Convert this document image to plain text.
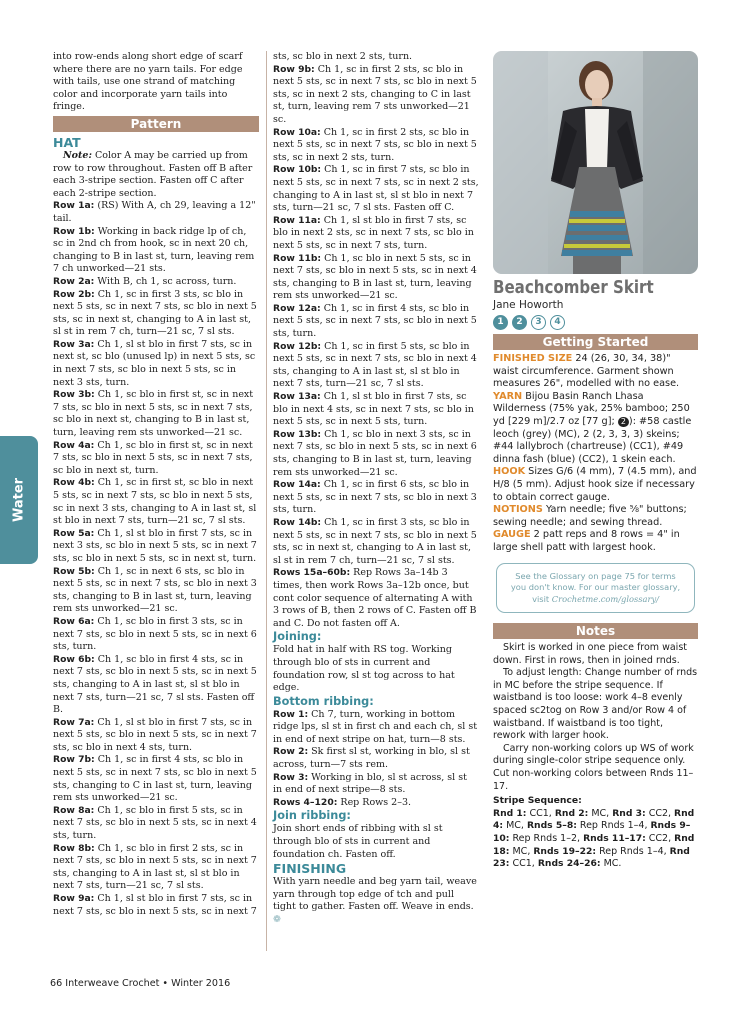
Water

into row-ends along short edge of scarf where there are no yarn tails. For edge with tails, use one strand of matching color and incorporate yarn tails into fringe.

Pattern
HAT

Note: Color A may be carried up from row to row throughout. Fasten off B after each 3-stripe section. Fasten off C after each 2-stripe section.

Row 1a: (RS) With A, ch 29, leaving a 12" tail.

Row 1b: Working in back ridge lp of ch, sc in 2nd ch from hook, sc in next 20 ch, changing to B in last st, turn, leaving rem 7 ch unworked—21 sts.

Row 2a: With B, ch 1, sc across, turn.

Row 2b: Ch 1, sc in first 3 sts, sc blo in next 5 sts, sc in next 7 sts, sc blo in next 5 sts, sc in next st, changing to A in last st, sl st in rem 7 ch, turn—21 sc, 7 sl sts.

Row 3a: Ch 1, sl st blo in first 7 sts, sc in next st, sc blo (unused lp) in next 5 sts, sc in next 7 sts, sc blo in next 5 sts, sc in next 3 sts, turn.

Row 3b: Ch 1, sc blo in first st, sc in next 7 sts, sc blo in next 5 sts, sc in next 7 sts, sc blo in next st, changing to B in last st, turn, leaving rem sts unworked—21 sc.

Row 4a: Ch 1, sc blo in first st, sc in next 7 sts, sc blo in next 5 sts, sc in next 7 sts, sc blo in next st, turn.

Row 4b: Ch 1, sc in first st, sc blo in next 5 sts, sc in next 7 sts, sc blo in next 5 sts, sc in next 3 sts, changing to A in last st, sl st blo in next 7 sts, turn—21 sc, 7 sl sts.

Row 5a: Ch 1, sl st blo in first 7 sts, sc in next 3 sts, sc blo in next 5 sts, sc in next 7 sts, sc blo in next 5 sts, sc in next st, turn.

Row 5b: Ch 1, sc in next 6 sts, sc blo in next 5 sts, sc in next 7 sts, sc blo in next 3 sts, changing to B in last st, turn, leaving rem sts unworked—21 sc.

Row 6a: Ch 1, sc blo in first 3 sts, sc in next 7 sts, sc blo in next 5 sts, sc in next 6 sts, turn.

Row 6b: Ch 1, sc blo in first 4 sts, sc in next 7 sts, sc blo in next 5 sts, sc in next 5 sts, changing to A in last st, sl st blo in next 7 sts, turn—21 sc, 7 sl sts. Fasten off B.

Row 7a: Ch 1, sl st blo in first 7 sts, sc in next 5 sts, sc blo in next 5 sts, sc in next 7 sts, sc blo in next 4 sts, turn.

Row 7b: Ch 1, sc in first 4 sts, sc blo in next 5 sts, sc in next 7 sts, sc blo in next 5 sts, changing to C in last st, turn, leaving rem sts unworked—21 sc.

Row 8a: Ch 1, sc blo in first 5 sts, sc in next 7 sts, sc blo in next 5 sts, sc in next 4 sts, turn.

Row 8b: Ch 1, sc blo in first 2 sts, sc in next 7 sts, sc blo in next 5 sts, sc in next 7 sts, changing to A in last st, sl st blo in next 7 sts, turn—21 sc, 7 sl sts.

Row 9a: Ch 1, sl st blo in first 7 sts, sc in next 7 sts, sc blo in next 5 sts, sc in next 7

sts, sc blo in next 2 sts, turn.

Row 9b: Ch 1, sc in first 2 sts, sc blo in next 5 sts, sc in next 7 sts, sc blo in next 5 sts, sc in next 2 sts, changing to C in last st, turn, leaving rem 7 sts unworked—21 sc.

Row 10a: Ch 1, sc in first 2 sts, sc blo in next 5 sts, sc in next 7 sts, sc blo in next 5 sts, sc in next 2 sts, turn.

Row 10b: Ch 1, sc in first 7 sts, sc blo in next 5 sts, sc in next 7 sts, sc in next 2 sts, changing to A in last st, sl st blo in next 7 sts, turn—21 sc, 7 sl sts. Fasten off C.

Row 11a: Ch 1, sl st blo in first 7 sts, sc blo in next 2 sts, sc in next 7 sts, sc blo in next 5 sts, sc in next 7 sts, turn.

Row 11b: Ch 1, sc blo in next 5 sts, sc in next 7 sts, sc blo in next 5 sts, sc in next 4 sts, changing to B in last st, turn, leaving rem sts unworked—21 sc.

Row 12a: Ch 1, sc in first 4 sts, sc blo in next 5 sts, sc in next 7 sts, sc blo in next 5 sts, turn.

Row 12b: Ch 1, sc in first 5 sts, sc blo in next 5 sts, sc in next 7 sts, sc blo in next 4 sts, changing to A in last st, sl st blo in next 7 sts, turn—21 sc, 7 sl sts.

Row 13a: Ch 1, sl st blo in first 7 sts, sc blo in next 4 sts, sc in next 7 sts, sc blo in next 5 sts, sc in next 5 sts, turn.

Row 13b: Ch 1, sc blo in next 3 sts, sc in next 7 sts, sc blo in next 5 sts, sc in next 6 sts, changing to B in last st, turn, leaving rem sts unworked—21 sc.

Row 14a: Ch 1, sc in first 6 sts, sc blo in next 5 sts, sc in next 7 sts, sc blo in next 3 sts, turn.

Row 14b: Ch 1, sc in first 3 sts, sc blo in next 5 sts, sc in next 7 sts, sc blo in next 5 sts, sc in next st, changing to A in last st, sl st in rem 7 ch, turn—21 sc, 7 sl sts.

Rows 15a–60b: Rep Rows 3a–14b 3 times, then work Rows 3a–12b once, but cont color sequence of alternating A with 3 rows of B, then 2 rows of C. Fasten off B and C. Do not fasten off A.

Joining:

Fold hat in half with RS tog. Working through blo of sts in current and foundation row, sl st tog across to hat edge.

Bottom ribbing:

Row 1: Ch 7, turn, working in bottom ridge lps, sl st in first ch and each ch, sl st in end of next stripe on hat, turn—8 sts.

Row 2: Sk first sl st, working in blo, sl st across, turn—7 sts rem.

Row 3: Working in blo, sl st across, sl st in end of next stripe—8 sts.

Rows 4–120: Rep Rows 2–3.

Join ribbing:

Join short ends of ribbing with sl st through blo of sts in current and foundation ch. Fasten off.

FINISHING

With yarn needle and beg yarn tail, weave yarn through top edge of tch and pull tight to gather. Fasten off. Weave in ends. ❁

Beachcomber Skirt
Jane Howorth
1	2	3	4
Getting Started

FINISHED SIZE 24 (26, 30, 34, 38)" waist circumference. Garment shown measures 26", modelled with no ease.

YARN Bijou Basin Ranch Lhasa Wilderness (75% yak, 25% bamboo; 250 yd [229 m]/2.7 oz [77 g]; 2 ): #58 castle leoch (grey) (MC), 2 (2, 3, 3, 3) skeins; #44 lallybroch (chartreuse) (CC1), #49 dinna fash (blue) (CC2), 1 skein each.

HOOK Sizes G/6 (4 mm), 7 (4.5 mm), and H/8 (5 mm). Adjust hook size if necessary to obtain correct gauge.

NOTIONS Yarn needle; five ⅝" buttons; sewing needle; and sewing thread.

GAUGE 2 patt reps and 8 rows = 4" in large shell patt with largest hook.

See the Glossary on page 75 for terms you don't know. For our master glossary, visit Crochetme.com/glossary/
Notes

Skirt is worked in one piece from waist down. First in rows, then in joined rnds.

To adjust length: Change number of rnds in MC before the stripe sequence. If waistband is too loose: work 4–8 evenly spaced sc2tog on Row 3 and/or Row 4 of waistband. If waistband is too tight, rework with larger hook.

Carry non-working colors up WS of work during single-color stripe sequence only. Cut non-working colors between Rnds 11–17.

Stripe Sequence:

Rnd 1: CC1, Rnd 2: MC, Rnd 3: CC2, Rnd 4: MC, Rnds 5–8: Rep Rnds 1–4, Rnds 9–10: Rep Rnds 1–2, Rnds 11–17: CC2, Rnd 18: MC, Rnds 19–22: Rep Rnds 1–4, Rnd 23: CC1, Rnds 24–26: MC.

66 Interweave Crochet • Winter 2016
